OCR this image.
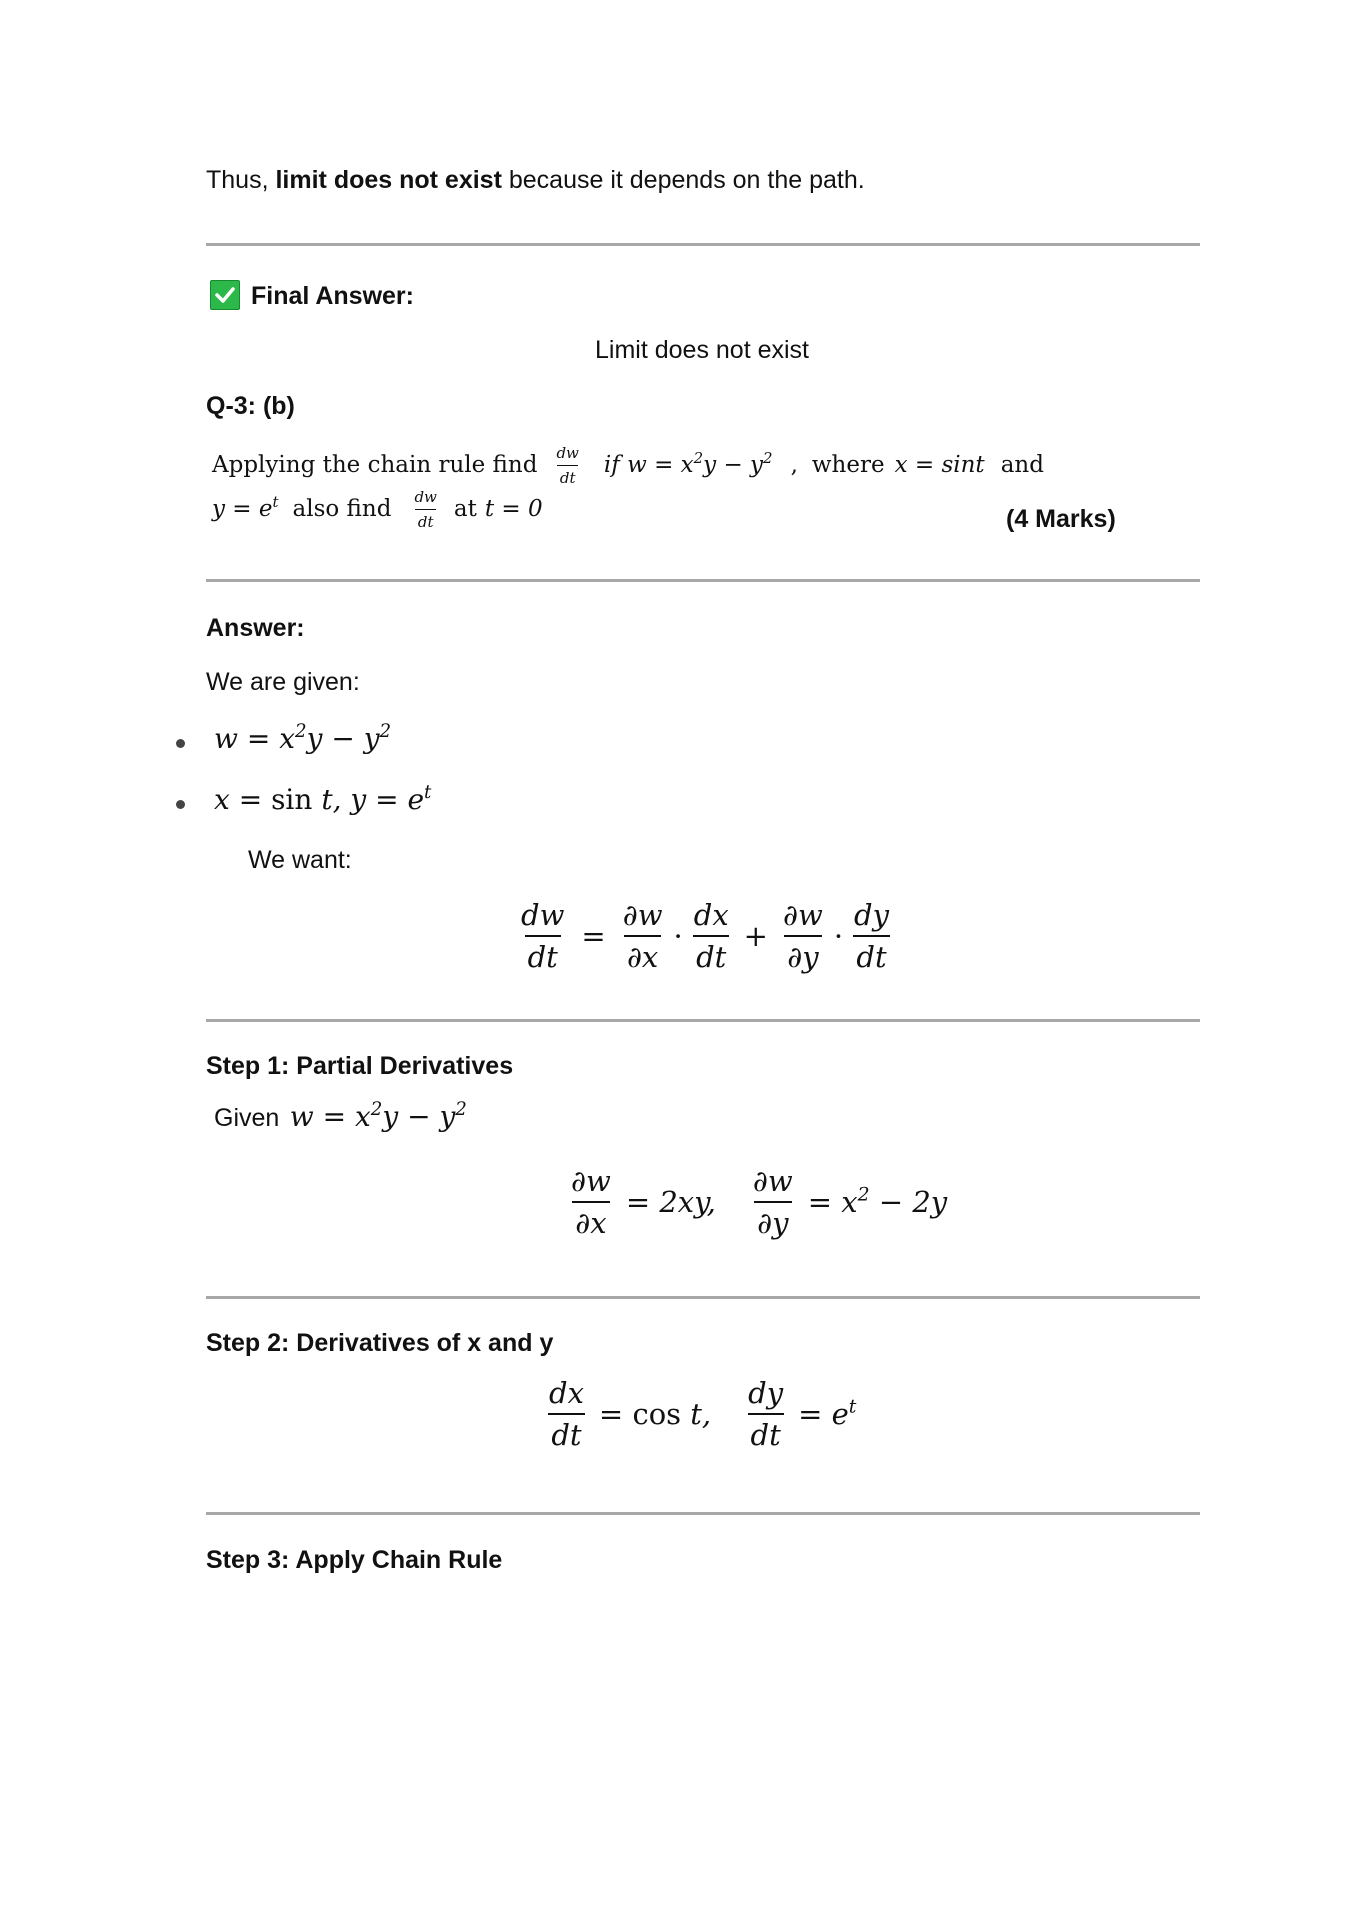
Thus, limit does not exist because it depends on the path.
Final Answer:
Limit does not exist
Q-3: (b)
Applying the chain rule find $\frac{dw}{dt}$ if $w = x^2y - y^2$ , where x = sint and
$y = e^t$ also find $\frac{dw}{dt}$ at t = 0	(4 Marks)
Answer:
We are given:
$w = x^2y - y^2$
x = sin t, $y = e^t$
We want:
$\frac{dw}{dt} = \frac{\partial w}{\partial x} \cdot \frac{dx}{dt} + \frac{\partial w}{\partial y} \cdot \frac{dy}{dt}$
Step 1: Partial Derivatives
Given $w = x^2y - y^2$
$\frac{\partial w}{\partial x} = 2xy$, $\frac{\partial w}{\partial y} = x^2 - 2y$
Step 2: Derivatives of x and y
$\frac{dx}{dt} = \cos t$, $\frac{dy}{dt} = e^t$
Step 3: Apply Chain Rule
